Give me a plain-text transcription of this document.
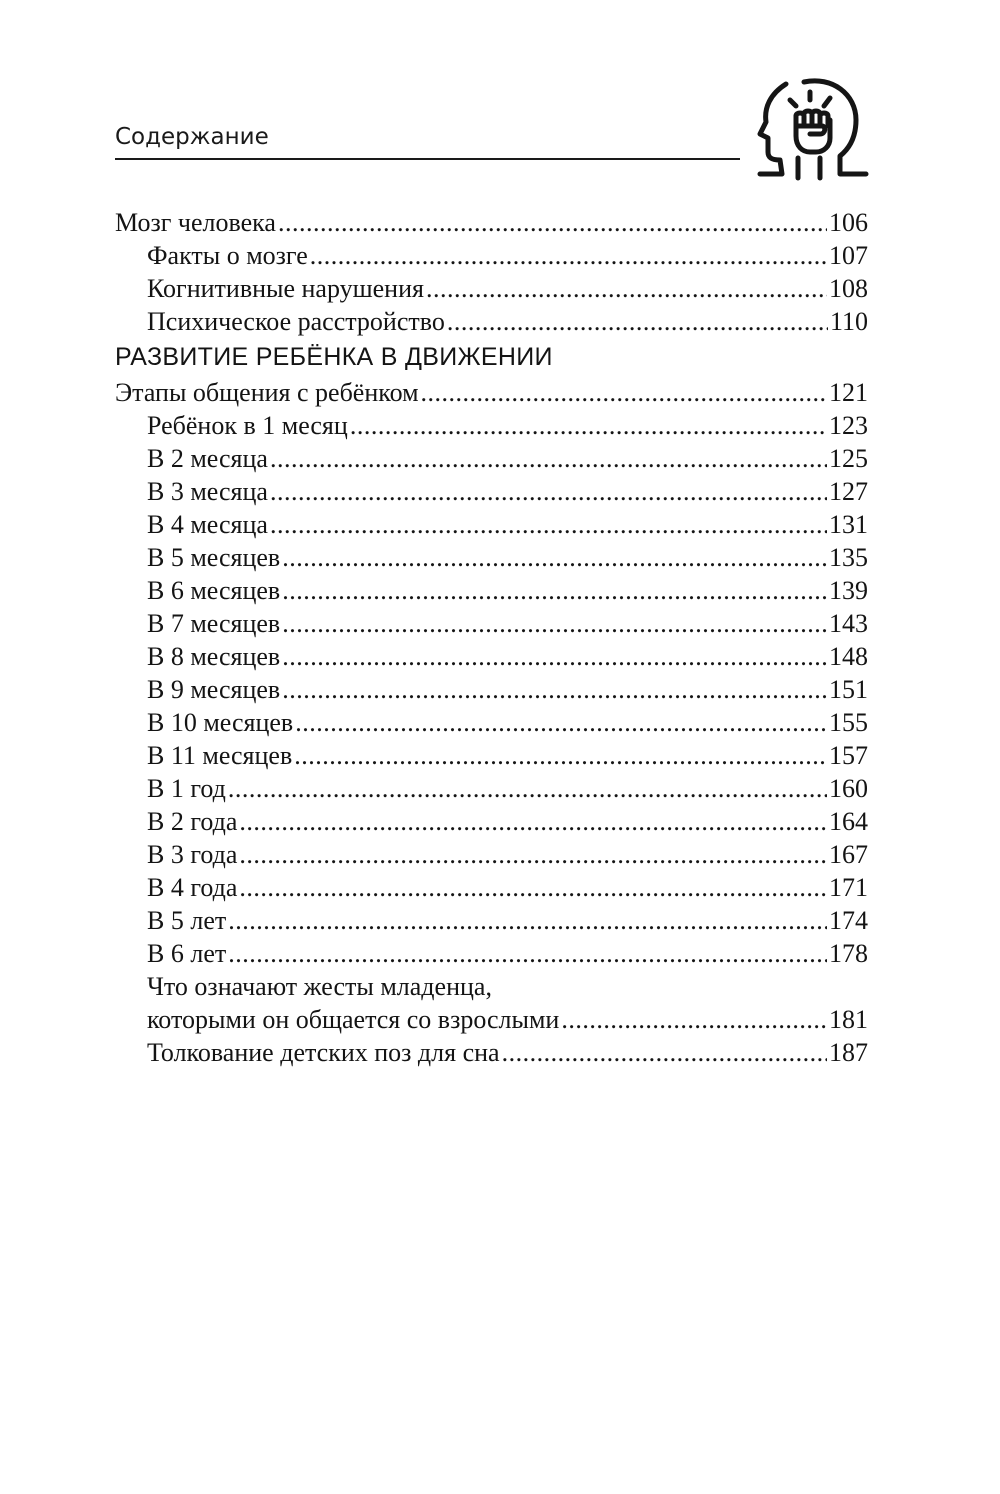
Содержание
Мозг человека .....	106
Факты о мозге .....	107
Когнитивные нарушения .....	108
Психическое расстройство .....	110
РАЗВИТИЕ РЕБЁНКА В ДВИЖЕНИИ
Этапы общения с ребёнком .....	121
Ребёнок в 1 месяц .....	123
В 2 месяца .....	125
В 3 месяца .....	127
В 4 месяца .....	131
В 5 месяцев .....	135
В 6 месяцев .....	139
В 7 месяцев .....	143
В 8 месяцев .....	148
В 9 месяцев .....	151
В 10 месяцев .....	155
В 11 месяцев .....	157
В 1 год .....	160
В 2 года .....	164
В 3 года .....	167
В 4 года .....	171
В 5 лет .....	174
В 6 лет .....	178
Что означают жесты младенца,
которыми он общается со взрослыми .....	181
Толкование детских поз для сна .....	187
